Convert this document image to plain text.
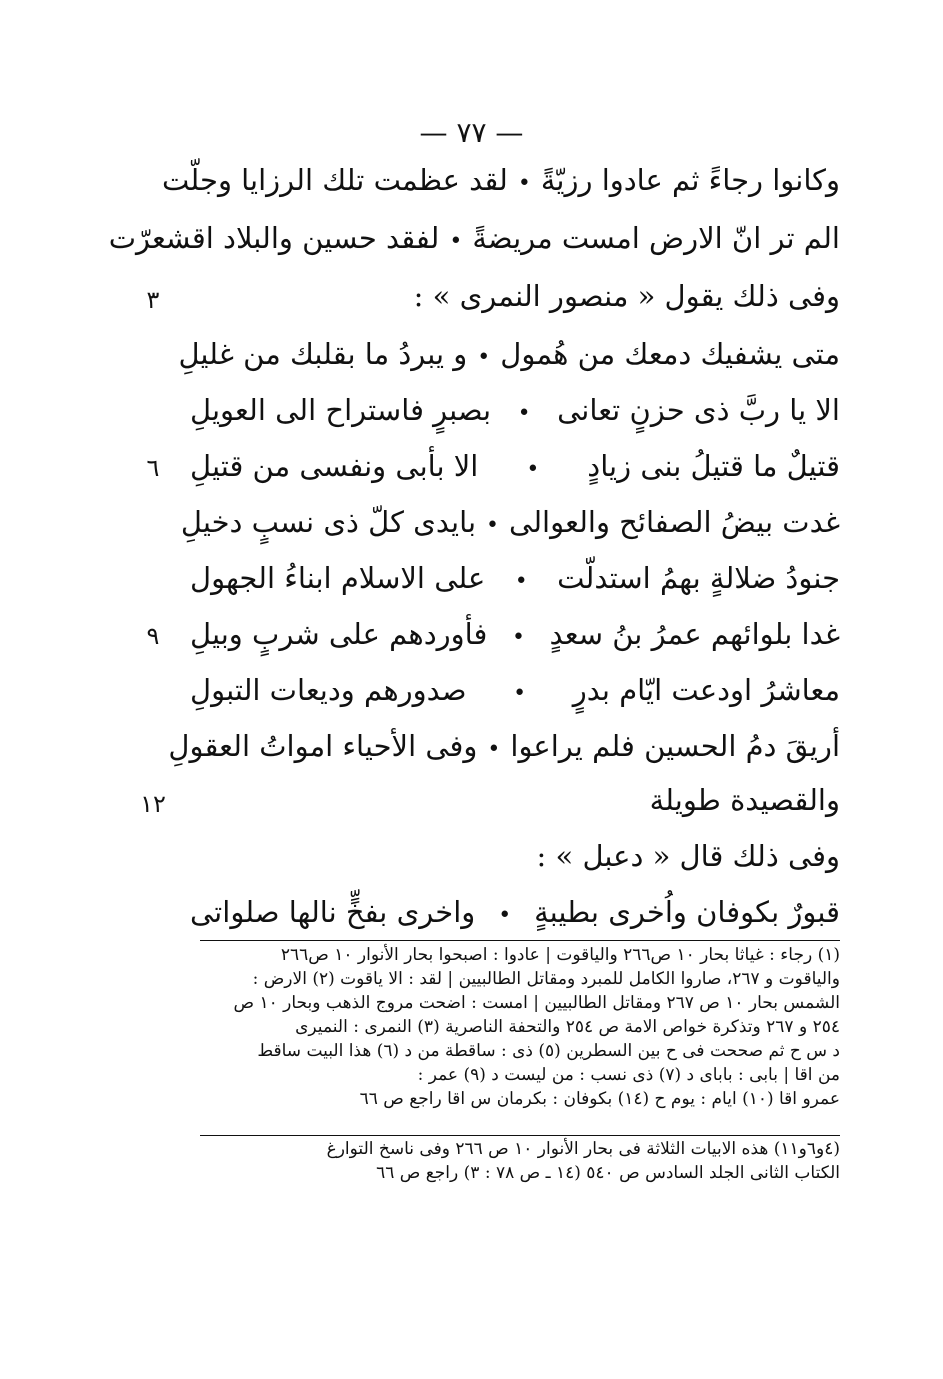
— ٧٧ —
وكانوا رجاءً ثم عادوا رزيّةً
•
لقد عظمت تلك الرزايا وجلّت
الم تر انّ الارض امست مريضةً
•
لفقد حسين والبلاد اقشعرّت
وفى ذلك يقول « منصور النمرى » :
متى يشفيك دمعك من هُمول
•
و يبردُ ما بقلبك من غليلِ
الا يا ربَّ ذى حزنٍ تعانى
•
بصبرٍ فاستراح الى العويلِ
قتيلٌ ما قتيلُ بنى زيادٍ
•
الا بأبى ونفسى من قتيلِ
غدت بيضُ الصفائح والعوالى
•
بايدى كلّ ذى نسبٍ دخيلِ
جنودُ ضلالةٍ بهمُ استدلّت
•
على الاسلام ابناءُ الجهول
غدا بلوائهم عمرُ بنُ سعدٍ
•
فأوردهم على شربٍ وبيلِ
معاشرُ اودعت ايّام بدرٍ
•
صدورهم وديعات التبولِ
أريقَ دمُ الحسين فلم يراعوا
•
وفى الأحياء امواتُ العقولِ
والقصيدة طويلة
وفى ذلك قال « دعبل » :
قبورٌ بكوفان واُخرى بطيبةٍ
•
واخرى بفخٍّ نالها صلواتى
٣
٦
٩
١٢
(١) رجاء : غياثا بحار ١٠ ص٢٦٦ والياقوت | عادوا : اصبحوا بحار الأنوار ١٠ ص٢٦٦
والياقوت و ٢٦٧، صاروا الكامل للمبرد ومقاتل الطالبيين | لقد : الا ياقوت (٢) الارض :
الشمس بحار ١٠ ص ٢٦٧ ومقاتل الطالبيين | امست : اضحت مروج الذهب وبحار ١٠ ص
٢٥٤ و ٢٦٧ وتذكرة خواص الامة ص ٢٥٤ والتحفة الناصرية (٣) النمرى : النميرى
د س ح ثم صححت فى ح بين السطرين (٥) ذى : ساقطة من د (٦) هذا البيت ساقط
من اقا | بابى : باباى د (٧) ذى نسب : من ليست د (٩) عمر :
عمرو اقا (١٠) ايام : يوم ح (١٤) بكوفان : بكرمان س اقا راجع ص ٦٦
(٤و٦و١١) هذه الابيات الثلاثة فى بحار الأنوار ١٠ ص ٢٦٦ وفى ناسخ التوارغ
الكتاب الثانى الجلد السادس ص ٥٤٠ (١٤ ـ ص ٧٨ : ٣) راجع ص ٦٦
